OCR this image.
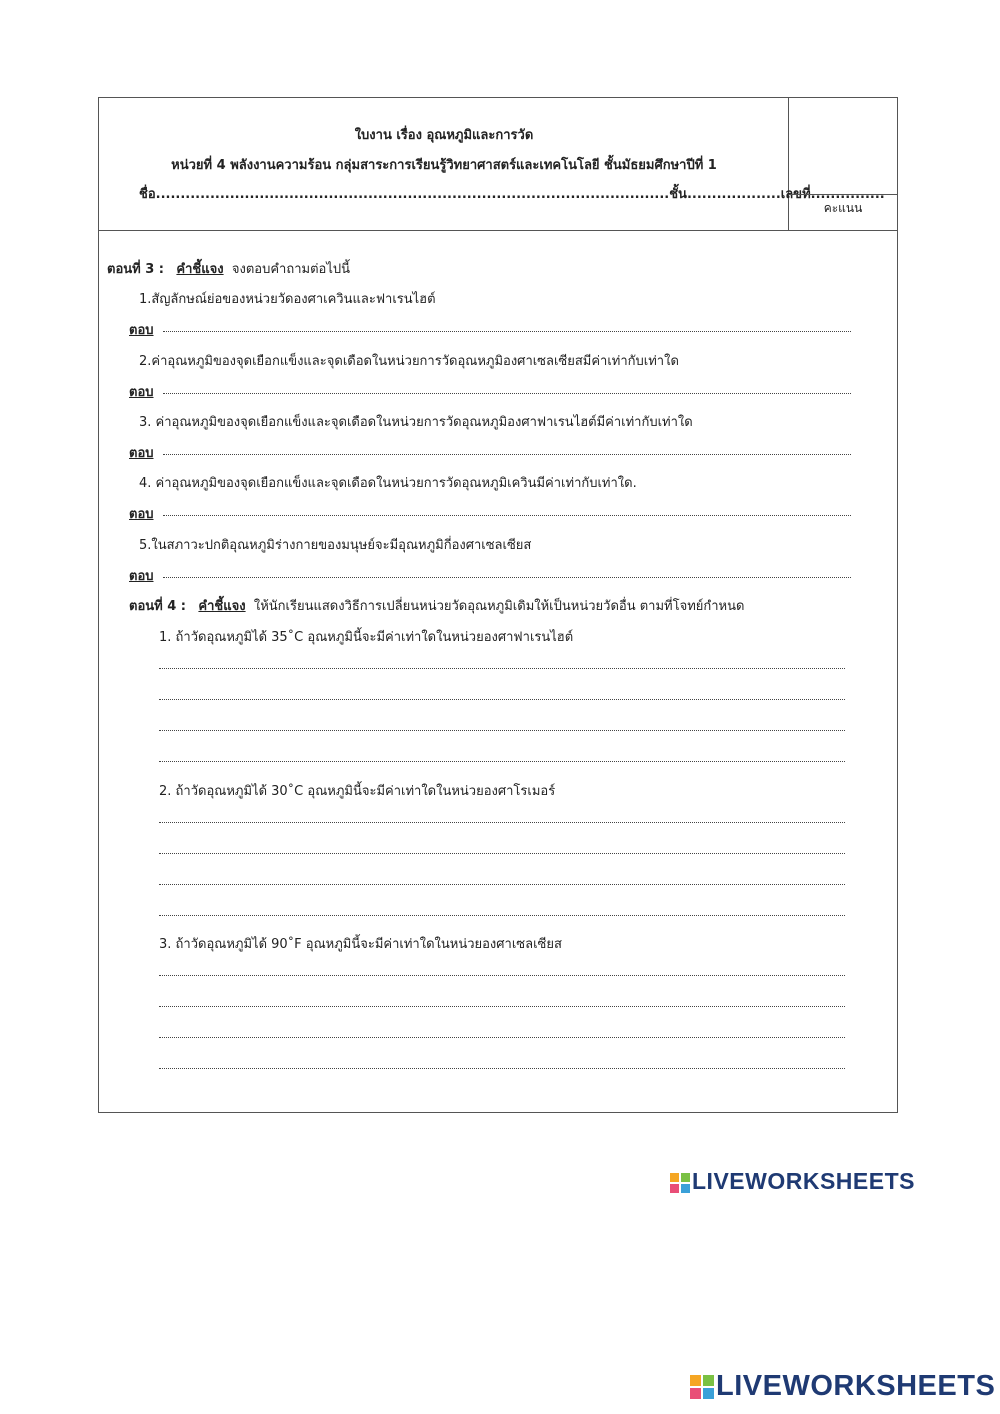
ใบงาน เรื่อง อุณหภูมิและการวัด
หน่วยที่ 4 พลังงานความร้อน กลุ่มสาระการเรียนรู้วิทยาศาสตร์และเทคโนโลยี ชั้นมัธยมศึกษาปีที่ 1
ชื่อ........................................................................................................ชั้น...................เลขที่...............
คะแนน
ตอนที่ 3 : คำชี้แจง จงตอบคำถามต่อไปนี้
1.สัญลักษณ์ย่อของหน่วยวัดองศาเควินและฟาเรนไฮต์
ตอบ
2.ค่าอุณหภูมิของจุดเยือกแข็งและจุดเดือดในหน่วยการวัดอุณหภูมิองศาเซลเซียสมีค่าเท่ากับเท่าใด
ตอบ
3. ค่าอุณหภูมิของจุดเยือกแข็งและจุดเดือดในหน่วยการวัดอุณหภูมิองศาฟาเรนไฮต์มีค่าเท่ากับเท่าใด
ตอบ
4. ค่าอุณหภูมิของจุดเยือกแข็งและจุดเดือดในหน่วยการวัดอุณหภูมิเควินมีค่าเท่ากับเท่าใด.
ตอบ
5.ในสภาวะปกติอุณหภูมิร่างกายของมนุษย์จะมีอุณหภูมิกี่องศาเซลเซียส
ตอบ
ตอนที่ 4 : คำชี้แจง ให้นักเรียนแสดงวิธีการเปลี่ยนหน่วยวัดอุณหภูมิเดิมให้เป็นหน่วยวัดอื่น ตามที่โจทย์กำหนด
1. ถ้าวัดอุณหภูมิได้ 35˚C อุณหภูมินี้จะมีค่าเท่าใดในหน่วยองศาฟาเรนไฮต์
2. ถ้าวัดอุณหภูมิได้ 30˚C อุณหภูมินี้จะมีค่าเท่าใดในหน่วยองศาโรเมอร์
3. ถ้าวัดอุณหภูมิได้ 90˚F อุณหภูมินี้จะมีค่าเท่าใดในหน่วยองศาเซลเซียส
LIVEWORKSHEETS
LIVEWORKSHEETS
